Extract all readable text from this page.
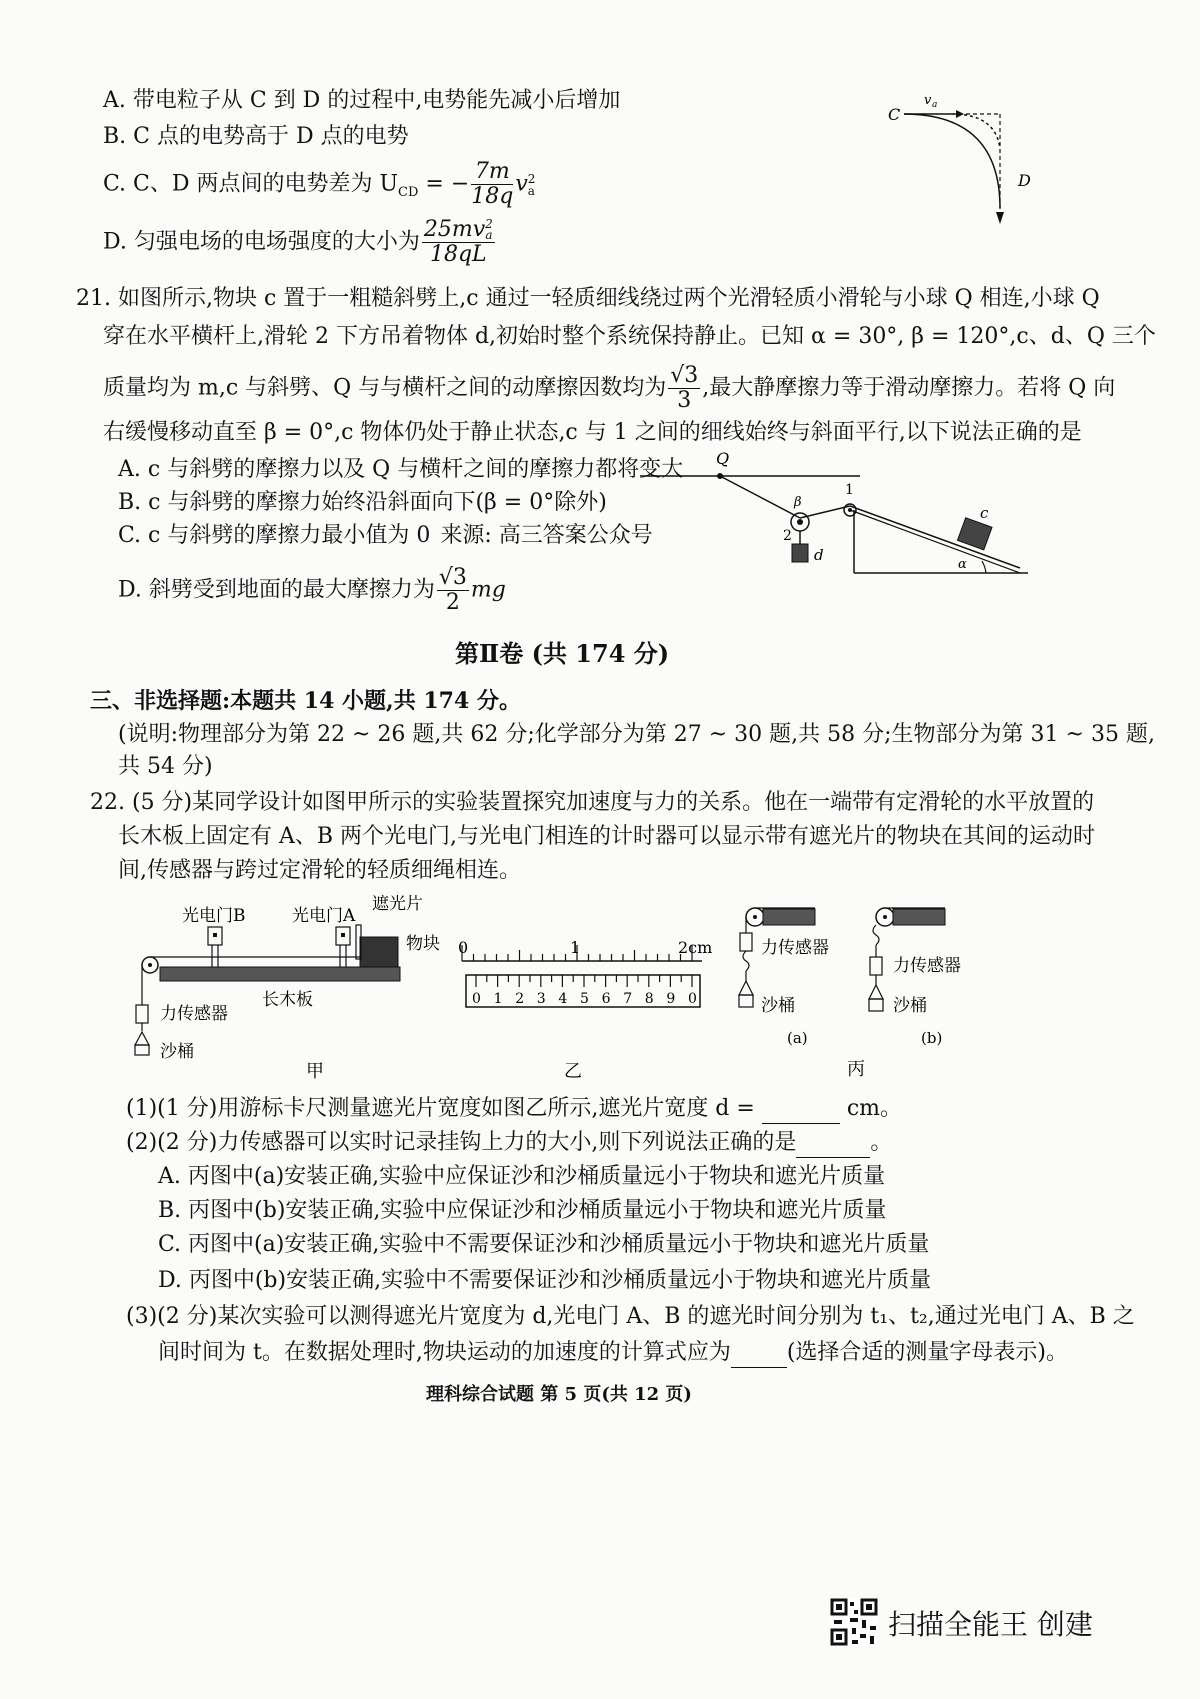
A. 带电粒子从 C 到 D 的过程中,电势能先减小后增加
B. C 点的电势高于 D 点的电势
C. C、D 两点间的电势差为 $U_{CD}$ = − $\frac{7m}{18q}$ v 2
a
D. 匀强电场的电场强度的大小为 25mv 2
a
18qL
C
D
v a
21. 如图所示,物块 c 置于一粗糙斜劈上,c 通过一轻质细线绕过两个光滑轻质小滑轮与小球 Q 相连,小球 Q
穿在水平横杆上,滑轮 2 下方吊着物体 d,初始时整个系统保持静止。已知 α = 30°, β = 120°,c、d、Q 三个
质量均为 m,c 与斜劈、Q 与与横杆之间的动摩擦因数均为 $\frac{√3}{3}$ ,最大静摩擦力等于滑动摩擦力。若将 Q 向
右缓慢移动直至 β = 0°,c 物体仍处于静止状态,c 与 1 之间的细线始终与斜面平行,以下说法正确的是
A. c 与斜劈的摩擦力以及 Q 与横杆之间的摩擦力都将变大
B. c 与斜劈的摩擦力始终沿斜面向下(β = 0°除外)
C. c 与斜劈的摩擦力最小值为 0 来源: 高三答案公众号
D. 斜劈受到地面的最大摩擦力为 $\frac{√3}{2}$ mg
Q
β
1
2
d
c
α
第Ⅱ卷 (共 174 分)
三、非选择题:本题共 14 小题,共 174 分。
(说明:物理部分为第 22 ~ 26 题,共 62 分;化学部分为第 27 ~ 30 题,共 58 分;生物部分为第 31 ~ 35 题,
共 54 分)
22. (5 分)某同学设计如图甲所示的实验装置探究加速度与力的关系。他在一端带有定滑轮的水平放置的
长木板上固定有 A、B 两个光电门,与光电门相连的计时器可以显示带有遮光片的物块在其间的运动时
间,传感器与跨过定滑轮的轻质细绳相连。
光电门B	光电门A
遮光片
物块
长木板
力传感器
沙桶
甲
0 1 2 3 4 5 6 7 8 9 0
0	1	2cm
乙
力传感器
沙桶
(a)
力传感器
沙桶
(b)
丙
(1)(1 分)用游标卡尺测量遮光片宽度如图乙所示,遮光片宽度 d =	cm。
(2)(2 分)力传感器可以实时记录挂钩上力的大小,则下列说法正确的是	。
A. 丙图中(a)安装正确,实验中应保证沙和沙桶质量远小于物块和遮光片质量
B. 丙图中(b)安装正确,实验中应保证沙和沙桶质量远小于物块和遮光片质量
C. 丙图中(a)安装正确,实验中不需要保证沙和沙桶质量远小于物块和遮光片质量
D. 丙图中(b)安装正确,实验中不需要保证沙和沙桶质量远小于物块和遮光片质量
(3)(2 分)某次实验可以测得遮光片宽度为 d,光电门 A、B 的遮光时间分别为 t₁、t₂,通过光电门 A、B 之
间时间为 t。在数据处理时,物块运动的加速度的计算式应为	(选择合适的测量字母表示)。
理科综合试题 第 5 页(共 12 页)
扫描全能王 创建
